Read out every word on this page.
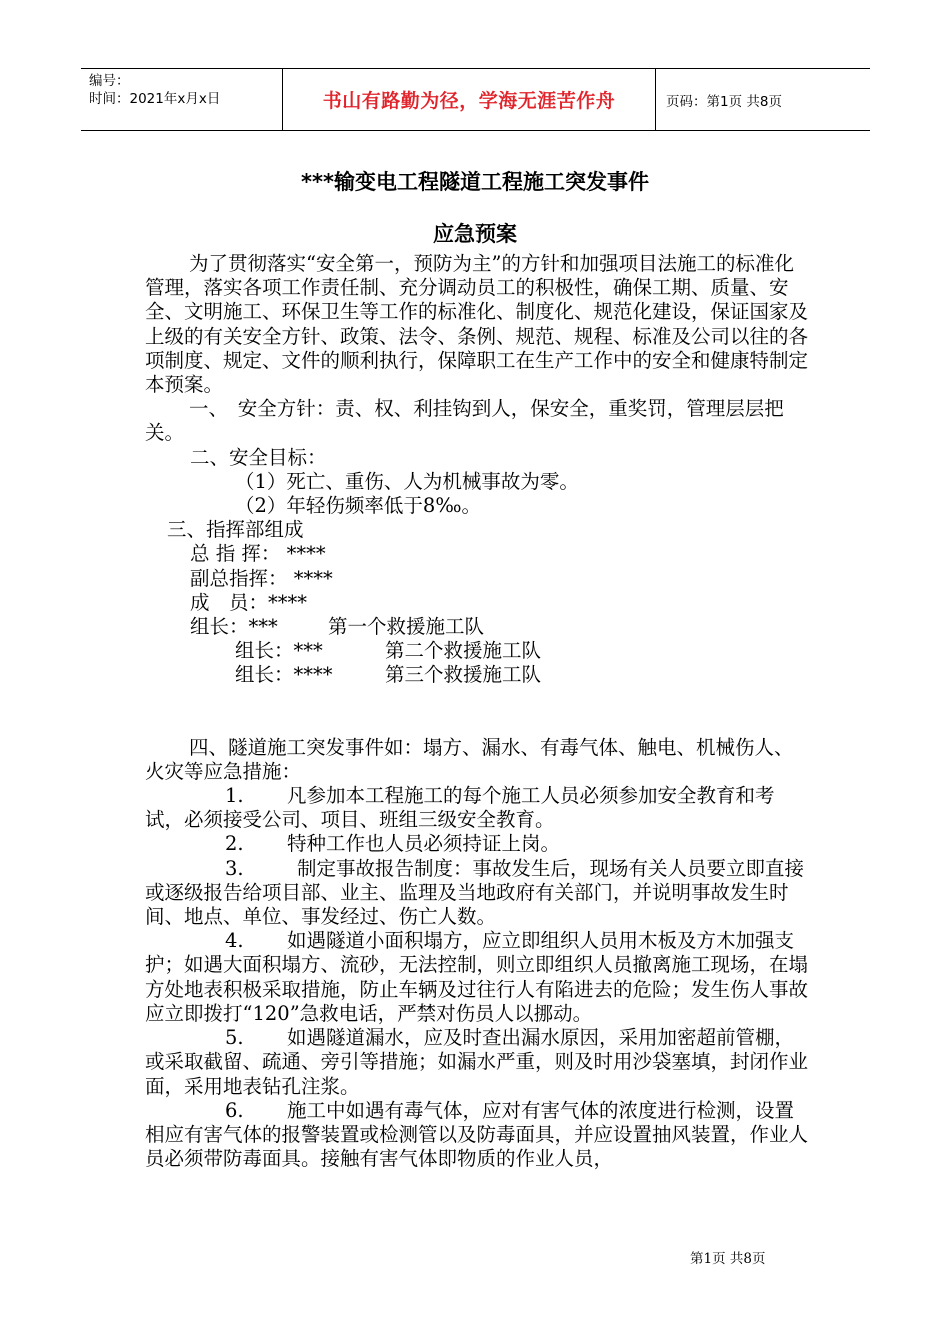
编号：
时间：2021年x月x日	书山有路勤为径，学海无涯苦作舟	页码：第1页 共8页
***输变电工程隧道工程施工突发事件
应急预案

为了贯彻落实“安全第一，预防为主”的方针和加强项目法施工的标准化管理，落实各项工作责任制、充分调动员工的积极性，确保工期、质量、安全、文明施工、环保卫生等工作的标准化、制度化、规范化建设，保证国家及上级的有关安全方针、政策、法令、条例、规范、规程、标准及公司以往的各项制度、规定、文件的顺利执行，保障职工在生产工作中的安全和健康特制定本预案。

一、　安全方针：责、权、利挂钩到人，保安全，重奖罚，管理层层把关。

二、安全目标：

（1）死亡、重伤、人为机械事故为零。

（2）年轻伤频率低于8‰。

三、指挥部组成

总 指 挥： ****

副总指挥： ****

成　员：****

组长：***	第一个救援施工队

组长：***	第二个救援施工队

组长：****	第三个救援施工队

四、隧道施工突发事件如：塌方、漏水、有毒气体、触电、机械伤人、火灾等应急措施：

1. 凡参加本工程施工的每个施工人员必须参加安全教育和考试，必须接受公司、项目、班组三级安全教育。

2. 特种工作也人员必须持证上岗。

3.	制定事故报告制度：事故发生后，现场有关人员要立即直接或逐级报告给项目部、业主、监理及当地政府有关部门，并说明事故发生时间、地点、单位、事发经过、伤亡人数。

4. 如遇隧道小面积塌方，应立即组织人员用木板及方木加强支护；如遇大面积塌方、流砂，无法控制，则立即组织人员撤离施工现场，在塌方处地表积极采取措施，防止车辆及过往行人有陷进去的危险；发生伤人事故应立即拨打“120”急救电话，严禁对伤员人以挪动。

5. 如遇隧道漏水，应及时查出漏水原因，采用加密超前管棚，或采取截留、疏通、旁引等措施；如漏水严重，则及时用沙袋塞填，封闭作业面，采用地表钻孔注浆。

6. 施工中如遇有毒气体，应对有害气体的浓度进行检测，设置相应有害气体的报警装置或检测管以及防毒面具，并应设置抽风装置，作业人员必须带防毒面具。接触有害气体即物质的作业人员，

第1页 共8页
